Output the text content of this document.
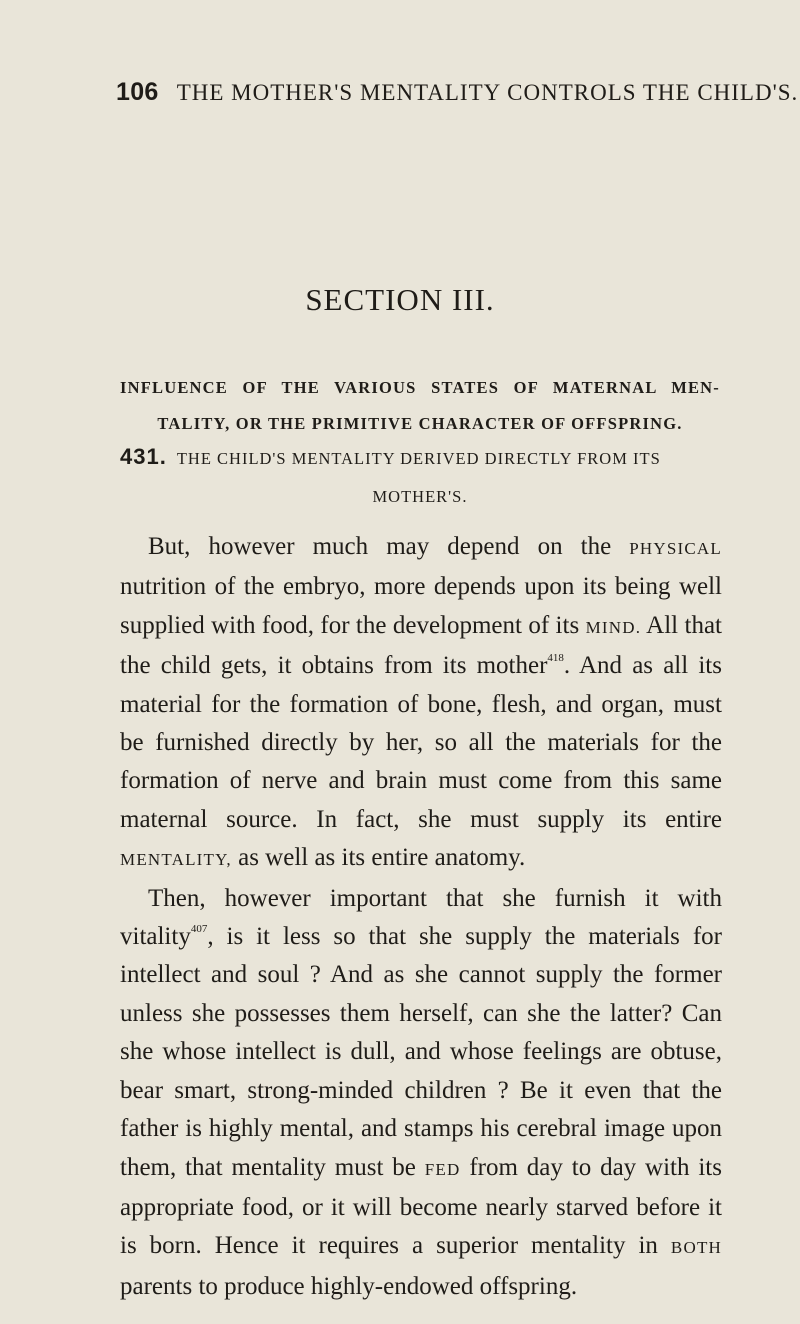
106 THE MOTHER'S MENTALITY CONTROLS THE CHILD'S.
SECTION III.
INFLUENCE OF THE VARIOUS STATES OF MATERNAL MEN-
TALITY, OR THE PRIMITIVE CHARACTER OF OFFSPRING.
431. THE CHILD'S MENTALITY DERIVED DIRECTLY FROM ITS
MOTHER'S.

But, however much may depend on the PHYSICAL nutrition of the embryo, more depends upon its being well supplied with food, for the development of its MIND. All that the child gets, it obtains from its mother$^{418}$. And as all its material for the formation of bone, flesh, and organ, must be furnished directly by her, so all the materials for the formation of nerve and brain must come from this same maternal source. In fact, she must supply its entire MENTALITY, as well as its entire anatomy.

Then, however important that she furnish it with vitality$^{407}$, is it less so that she supply the materials for intellect and soul ? And as she cannot supply the former unless she possesses them herself, can she the latter? Can she whose intellect is dull, and whose feelings are obtuse, bear smart, strong-minded children ? Be it even that the father is highly mental, and stamps his cerebral image upon them, that mentality must be FED from day to day with its appropriate food, or it will become nearly starved before it is born. Hence it requires a superior mentality in BOTH parents to produce highly-endowed offspring.
